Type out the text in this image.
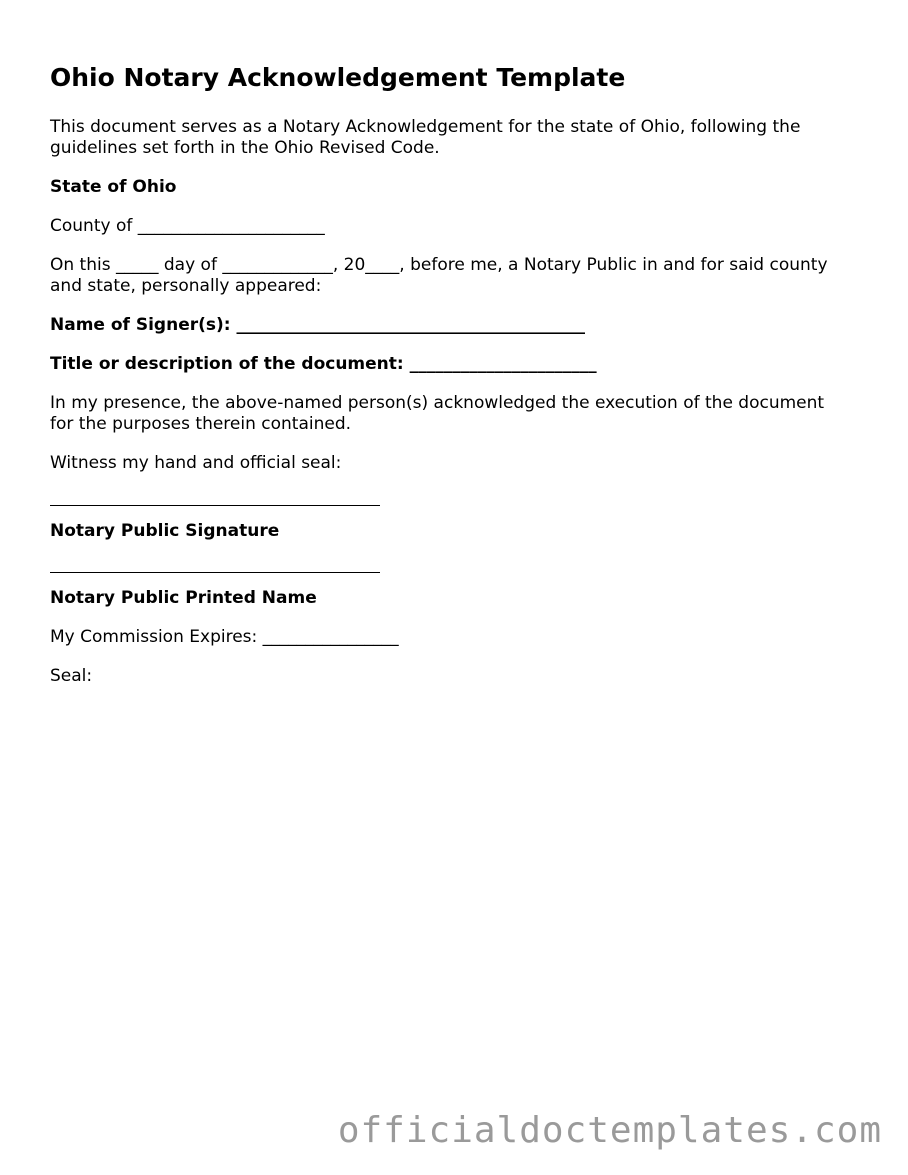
Ohio Notary Acknowledgement Template

This document serves as a Notary Acknowledgement for the state of Ohio, following the guidelines set forth in the Ohio Revised Code.

State of Ohio

County of ______________________

On this _____ day of _____________, 20____, before me, a Notary Public in and for said county and state, personally appeared:

Name of Signer(s): _________________________________________

Title or description of the document: ______________________

In my presence, the above-named person(s) acknowledged the execution of the document for the purposes therein contained.

Witness my hand and official seal:

Notary Public Signature

Notary Public Printed Name

My Commission Expires: ________________

Seal:

officialdoctemplates.com
